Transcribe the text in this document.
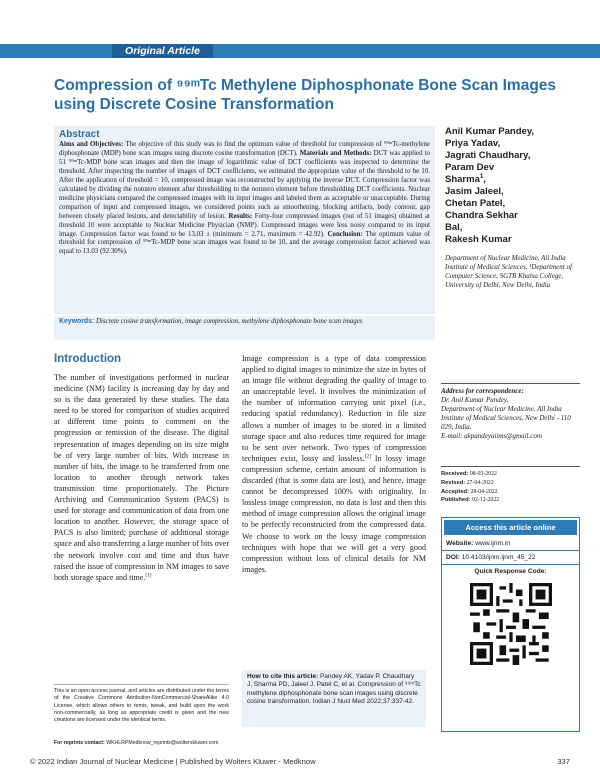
Original Article
Compression of ⁹⁹ᵐTc Methylene Diphosphonate Bone Scan Images using Discrete Cosine Transformation
Abstract

Aims and Objectives: The objective of this study was to find the optimum value of threshold for compression of ⁹⁹ᵐTc-methylene diphosphonate (MDP) bone scan images using discrete cosine transformation (DCT). Materials and Methods: DCT was applied to 51 ⁹⁹ᵐTc-MDP bone scan images and then the image of logarithmic value of DCT coefficients was inspected to determine the threshold. After inspecting the number of images of DCT coefficients, we estimated the appropriate value of the threshold to be 10. After the application of threshold = 10, compressed image was reconstructed by applying the inverse DCT. Compression factor was calculated by dividing the nonzero element after thresholding to the nonzero element before thresholding DCT coefficients. Nuclear medicine physicians compared the compressed images with its input images and labeled them as acceptable or unacceptable. During comparison of input and compressed images, we considered points such as smoothening, blocking artifacts, body contour, gap between closely placed lesions, and detectability of lesion. Results: Forty-four compressed images (out of 51 images) obtained at threshold 10 were acceptable to Nuclear Medicine Physician (NMP). Compressed images were less noisy compared to its input image. Compression factor was found to be 13.03 ± (minimum = 2.71, maximum = 42.92). Conclusion: The optimum value of threshold for compression of ⁹⁹ᵐTc-MDP bone scan images was found to be 10, and the average compression factor achieved was equal to 13.03 (92.30%).

Keywords: Discrete cosine transformation, image compression, methylene diphosphonate bone scan images
Anil Kumar Pandey,
Priya Yadav,
Jagrati Chaudhary,
Param Dev
Sharma$^1$,
Jasim Jaleel,
Chetan Patel,
Chandra Sekhar
Bal,
Rakesh Kumar
Department of Nuclear Medicine, All India Institute of Medical Sciences, ¹Department of Computer Science, SGTB Khalsa College, University of Delhi, New Delhi, India
Introduction
The number of investigations performed in nuclear medicine (NM) facility is increasing day by day and so is the data generated by these studies. The data need to be stored for comparison of studies acquired at different time points to comment on the progression or remission of the disease. The digital representation of images depending on its size might be of very large number of bits. With increase in number of bits, the image to be transferred from one location to another through network takes transmission time proportionately. The Picture Archiving and Communication System (PACS) is used for storage and communication of data from one location to another. However, the storage space of PACS is also limited; purchase of additional storage space and also transferring a large number of bits over the network involve cost and time and thus have raised the issue of compression in NM images to save both storage space and time.[1]
Image compression is a type of data compression applied to digital images to minimize the size in bytes of an image file without degrading the quality of image to an unacceptable level. It involves the minimization of the number of information carrying unit pixel (i.e., reducing spatial redundancy). Reduction in file size allows a number of images to be stored in a limited storage space and also reduces time required for image to be sent over network. Two types of compression techniques exist, lossy and lossless.[2] In lossy image compression scheme, certain amount of information is discarded (that is some data are lost), and hence, image cannot be decompressed 100% with originality. In lossless image compression, no data is lost and then this method of image compression allows the original image to be perfectly reconstructed from the compressed data. We choose to work on the lossy image compression techniques with hope that we will get a very good compression without loss of clinical details for NM images.
This is an open access journal, and articles are distributed under the terms of the Creative Commons Attribution-NonCommercial-ShareAlike 4.0 License, which allows others to remix, tweak, and build upon the work non-commercially, as long as appropriate credit is given and the new creations are licensed under the identical terms.
For reprints contact: WKHLRPMedknow_reprints@wolterskluwer.com
How to cite this article: Pandey AK, Yadav P, Chaudhary J, Sharma PD, Jaleel J, Patel C, et al. Compression of ⁹⁹ᵐTc methylene diphosphonate bone scan images using discrete cosine transformation. Indian J Nucl Med 2022;37:337-42.
Address for correspondence:
Dr. Anil Kumar Pandey,
Department of Nuclear Medicine, All India Institute of Medical Sciences, New Delhi - 110 029, India.
E-mail: akpandeyaiims@gmail.com
Received: 08-03-2022
Revised: 27-04-2022
Accepted: 28-04-2022
Published: 02-12-2022
Access this article online
Website: www.ijnm.in
DOI: 10.4103/ijnm.ijnm_45_22
Quick Response Code:
© 2022 Indian Journal of Nuclear Medicine | Published by Wolters Kluwer - Medknow	337
